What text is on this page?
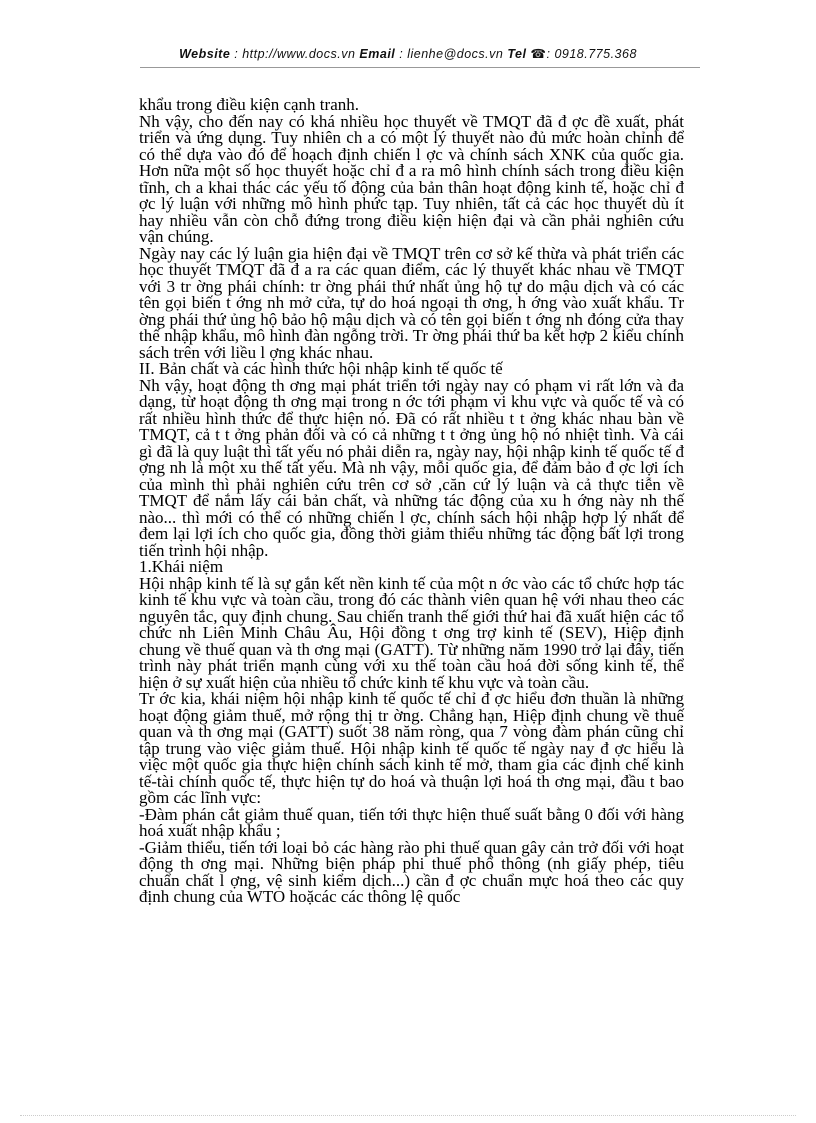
Website : http://www.docs.vn Email : lienhe@docs.vn Tel ☎: 0918.775.368

khẩu trong điều kiện cạnh tranh.

Nh vậy, cho đến nay có khá nhiều học thuyết về TMQT đã đ ợc đề xuất, phát triển và ứng dụng. Tuy nhiên ch a có một lý thuyết nào đủ mức hoàn chỉnh để có thể dựa vào đó để hoạch định chiến l ợc và chính sách XNK của quốc gia. Hơn nữa một số học thuyết hoặc chỉ đ a ra mô hình chính sách trong điều kiện tĩnh, ch a khai thác các yếu tố động của bản thân hoạt động kinh tế, hoặc chỉ đ ợc lý luận với những mô hình phức tạp. Tuy nhiên, tất cả các học thuyết dù ít hay nhiều vẫn còn chỗ đứng trong điều kiện hiện đại và cần phải nghiên cứu vận chúng.

Ngày nay các lý luận gia hiện đại về TMQT trên cơ sở kế thừa và phát triển các học thuyết TMQT đã đ a ra các quan điểm, các lý thuyết khác nhau về TMQT với 3 tr ờng phái chính: tr ờng phái thứ nhất ủng hộ tự do mậu dịch và có các tên gọi biến t ớng nh mở cửa, tự do hoá ngoại th ơng, h ớng vào xuất khẩu. Tr ờng phái thứ ủng hộ bảo hộ mậu dịch và có tên gọi biến t ớng nh đóng cửa thay thế nhập khẩu, mô hình đàn ngỗng trời. Tr ờng phái thứ ba kết hợp 2 kiểu chính sách trên với liều l ợng khác nhau.

II. Bản chất và các hình thức hội nhập kinh tế quốc tế

Nh vậy, hoạt động th ơng mại phát triển tới ngày nay có phạm vi rất lớn và đa dạng, từ hoạt động th ơng mại trong n ớc tới phạm vi khu vực và quốc tế và có rất nhiều hình thức để thực hiện nó. Đã có rất nhiều t t ởng khác nhau bàn về TMQT, cả t t ởng phản đối và có cả những t t ởng ủng hộ nó nhiệt tình. Và cái gì đã là quy luật thì tất yếu nó phải diễn ra, ngày nay, hội nhập kinh tế quốc tế đ ợng nh là một xu thế tất yếu. Mà nh vậy, mỗi quốc gia, để đảm bảo đ ợc lợi ích của mình thì phải nghiên cứu trên cơ sở ,căn cứ lý luận và cả thực tiễn về TMQT để nắm lấy cái bản chất, và những tác động của xu h ớng này nh thế nào... thì mới có thể có những chiến l ợc, chính sách hội nhập hợp lý nhất để đem lại lợi ích cho quốc gia, đồng thời giảm thiểu những tác động bất lợi trong tiến trình hội nhập.

1.Khái niệm

Hội nhập kinh tế là sự gắn kết nền kinh tế của một n ớc vào các tổ chức hợp tác kinh tế khu vực và toàn cầu, trong đó các thành viên quan hệ với nhau theo các nguyên tắc, quy định chung. Sau chiến tranh thế giới thứ hai đã xuất hiện các tổ chức nh Liên Minh Châu Âu, Hội đồng t ơng trợ kinh tế (SEV), Hiệp định chung về thuế quan và th ơng mại (GATT). Từ những năm 1990 trở lại đây, tiến trình này phát triển mạnh cùng với xu thế toàn cầu hoá đời sống kinh tế, thể hiện ở sự xuất hiện của nhiều tổ chức kinh tế khu vực và toàn cầu.

Tr ớc kia, khái niệm hội nhập kinh tế quốc tế chỉ đ ợc hiểu đơn thuần là những hoạt động giảm thuế, mở rộng thị tr ờng. Chẳng hạn, Hiệp định chung về thuế quan và th ơng mại (GATT) suốt 38 năm ròng, qua 7 vòng đàm phán cũng chỉ tập trung vào việc giảm thuế. Hội nhập kinh tế quốc tế ngày nay đ ợc hiểu là việc một quốc gia thực hiện chính sách kinh tế mở, tham gia các định chế kinh tế-tài chính quốc tế, thực hiện tự do hoá và thuận lợi hoá th ơng mại, đầu t bao gồm các lĩnh vực:

-Đàm phán cắt giảm thuế quan, tiến tới thực hiện thuế suất bằng 0 đối với hàng hoá xuất nhập khẩu ;

-Giảm thiểu, tiến tới loại bỏ các hàng rào phi thuế quan gây cản trở đối với hoạt động th ơng mại. Những biện pháp phi thuế phổ thông (nh giấy phép, tiêu chuẩn chất l ợng, vệ sinh kiểm dịch...) cần đ ợc chuẩn mực hoá theo các quy định chung của WTO hoặcác các thông lệ quốc
